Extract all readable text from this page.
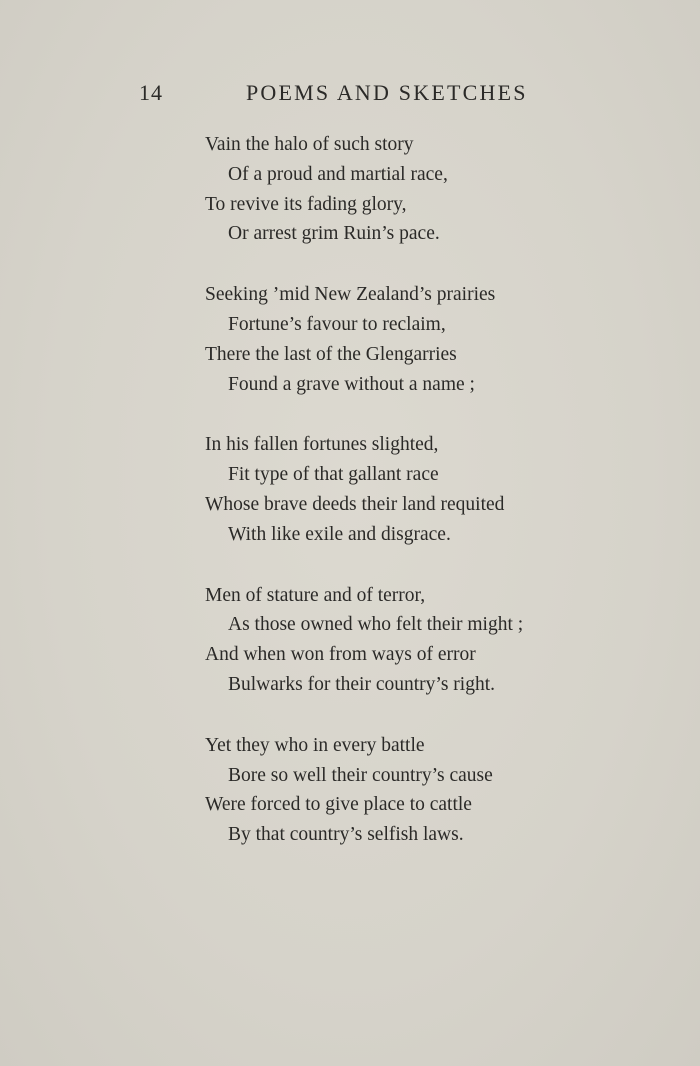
14	POEMS AND SKETCHES
Vain the halo of such story
Of a proud and martial race,
To revive its fading glory,
Or arrest grim Ruin’s pace.
Seeking ’mid New Zealand’s prairies
Fortune’s favour to reclaim,
There the last of the Glengarries
Found a grave without a name ;
In his fallen fortunes slighted,
Fit type of that gallant race
Whose brave deeds their land requited
With like exile and disgrace.
Men of stature and of terror,
As those owned who felt their might ;
And when won from ways of error
Bulwarks for their country’s right.
Yet they who in every battle
Bore so well their country’s cause
Were forced to give place to cattle
By that country’s selfish laws.
